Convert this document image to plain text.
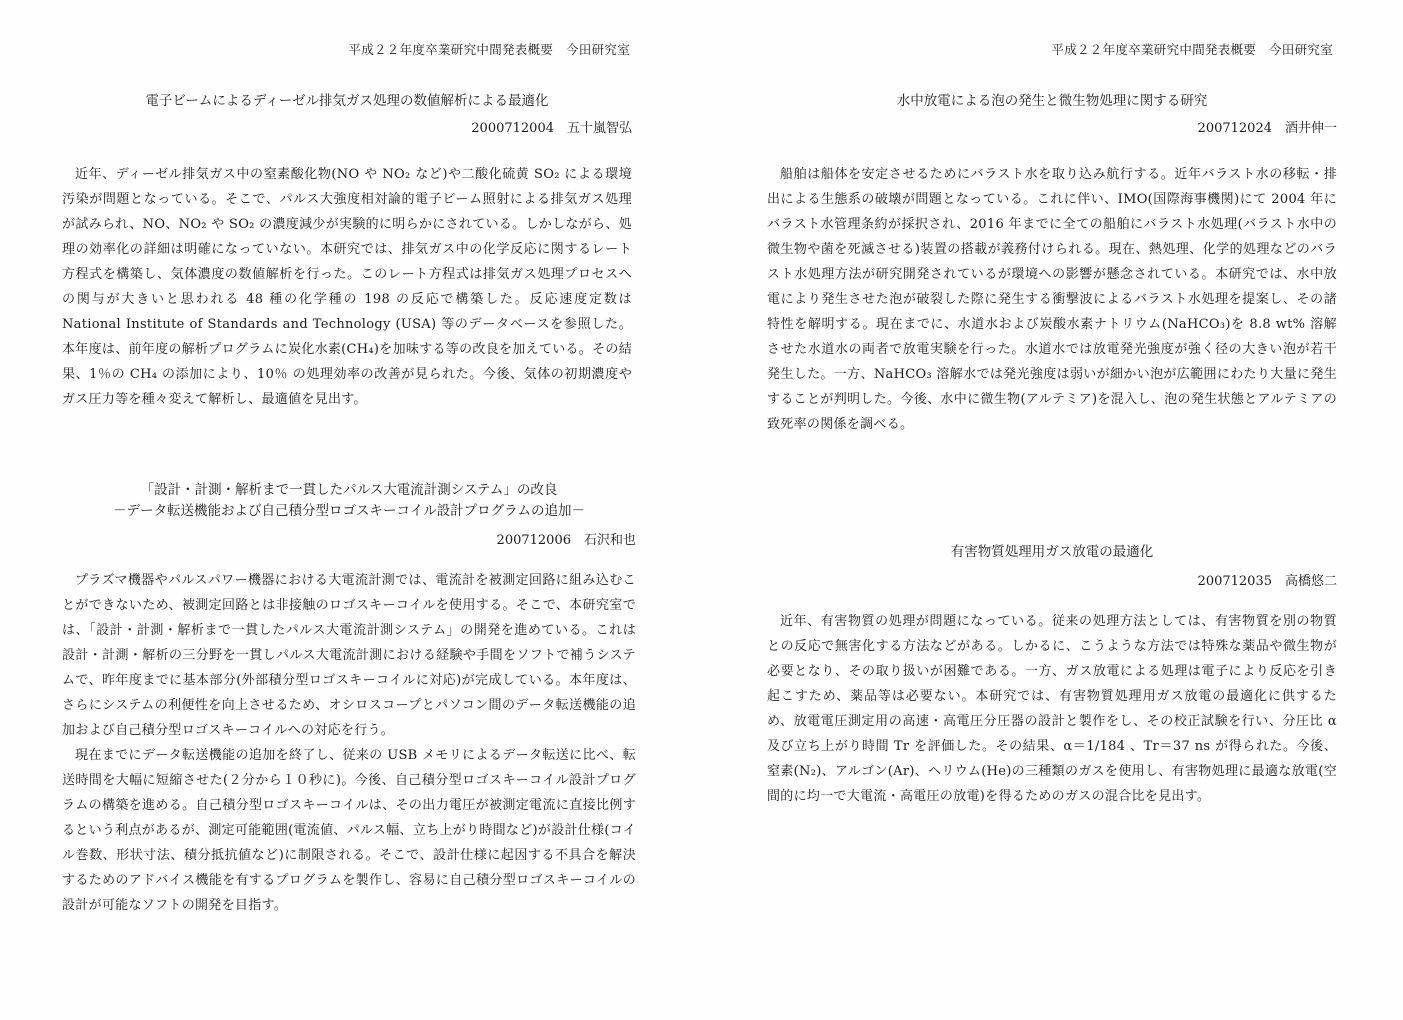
平成２２年度卒業研究中間発表概要　今田研究室

電子ビームによるディーゼル排気ガス処理の数値解析による最適化

2000712004　五十嵐智弘

近年、ディーゼル排気ガス中の窒素酸化物(NO や NO₂ など)や二酸化硫黄 SO₂ による環境汚染が問題となっている。そこで、パルス大強度相対論的電子ビーム照射による排気ガス処理が試みられ、NO、NO₂ や SO₂ の濃度減少が実験的に明らかにされている。しかしながら、処理の効率化の詳細は明確になっていない。本研究では、排気ガス中の化学反応に関するレート方程式を構築し、気体濃度の数値解析を行った。このレート方程式は排気ガス処理プロセスへの関与が大きいと思われる 48 種の化学種の 198 の反応で構築した。反応速度定数は National Institute of Standards and Technology (USA) 等のデータベースを参照した。本年度は、前年度の解析プログラムに炭化水素(CH₄)を加味する等の改良を加えている。その結果、1％の CH₄ の添加により、10％ の処理効率の改善が見られた。今後、気体の初期濃度やガス圧力等を種々変えて解析し、最適値を見出す。

「設計・計測・解析まで一貫したパルス大電流計測システム」の改良

－データ転送機能および自己積分型ロゴスキーコイル設計プログラムの追加－

200712006　石沢和也

プラズマ機器やパルスパワー機器における大電流計測では、電流計を被測定回路に組み込むことができないため、被測定回路とは非接触のロゴスキーコイルを使用する。そこで、本研究室では、「設計・計測・解析まで一貫したパルス大電流計測システム」の開発を進めている。これは設計・計測・解析の三分野を一貫しパルス大電流計測における経験や手間をソフトで補うシステムで、昨年度までに基本部分(外部積分型ロゴスキーコイルに対応)が完成している。本年度は、さらにシステムの利便性を向上させるため、オシロスコープとパソコン間のデータ転送機能の追加および自己積分型ロゴスキーコイルへの対応を行う。

現在までにデータ転送機能の追加を終了し、従来の USB メモリによるデータ転送に比べ、転送時間を大幅に短縮させた(２分から１０秒に)。今後、自己積分型ロゴスキーコイル設計プログラムの構築を進める。自己積分型ロゴスキーコイルは、その出力電圧が被測定電流に直接比例するという利点があるが、測定可能範囲(電流値、パルス幅、立ち上がり時間など)が設計仕様(コイル巻数、形状寸法、積分抵抗値など)に制限される。そこで、設計仕様に起因する不具合を解決するためのアドバイス機能を有するプログラムを製作し、容易に自己積分型ロゴスキーコイルの設計が可能なソフトの開発を目指す。

平成２２年度卒業研究中間発表概要　今田研究室

水中放電による泡の発生と微生物処理に関する研究

200712024　酒井伸一

船舶は船体を安定させるためにバラスト水を取り込み航行する。近年バラスト水の移転・排出による生態系の破壊が問題となっている。これに伴い、IMO(国際海事機関)にて 2004 年にバラスト水管理条約が採択され、2016 年までに全ての船舶にバラスト水処理(バラスト水中の微生物や菌を死滅させる)装置の搭載が義務付けられる。現在、熱処理、化学的処理などのバラスト水処理方法が研究開発されているが環境への影響が懸念されている。本研究では、水中放電により発生させた泡が破裂した際に発生する衝撃波によるバラスト水処理を提案し、その諸特性を解明する。現在までに、水道水および炭酸水素ナトリウム(NaHCO₃)を 8.8 wt% 溶解させた水道水の両者で放電実験を行った。水道水では放電発光強度が強く径の大きい泡が若干発生した。一方、NaHCO₃ 溶解水では発光強度は弱いが細かい泡が広範囲にわたり大量に発生することが判明した。今後、水中に微生物(アルテミア)を混入し、泡の発生状態とアルテミアの致死率の関係を調べる。

有害物質処理用ガス放電の最適化

200712035　高橋悠二

近年、有害物質の処理が問題になっている。従来の処理方法としては、有害物質を別の物質との反応で無害化する方法などがある。しかるに、こうような方法では特殊な薬品や微生物が必要となり、その取り扱いが困難である。一方、ガス放電による処理は電子により反応を引き起こすため、薬品等は必要ない。本研究では、有害物質処理用ガス放電の最適化に供するため、放電電圧測定用の高速・高電圧分圧器の設計と製作をし、その校正試験を行い、分圧比 α 及び立ち上がり時間 Tr を評価した。その結果、α＝1/184 、Tr＝37 ns が得られた。今後、窒素(N₂)、アルゴン(Ar)、ヘリウム(He)の三種類のガスを使用し、有害物処理に最適な放電(空間的に均一で大電流・高電圧の放電)を得るためのガスの混合比を見出す。
